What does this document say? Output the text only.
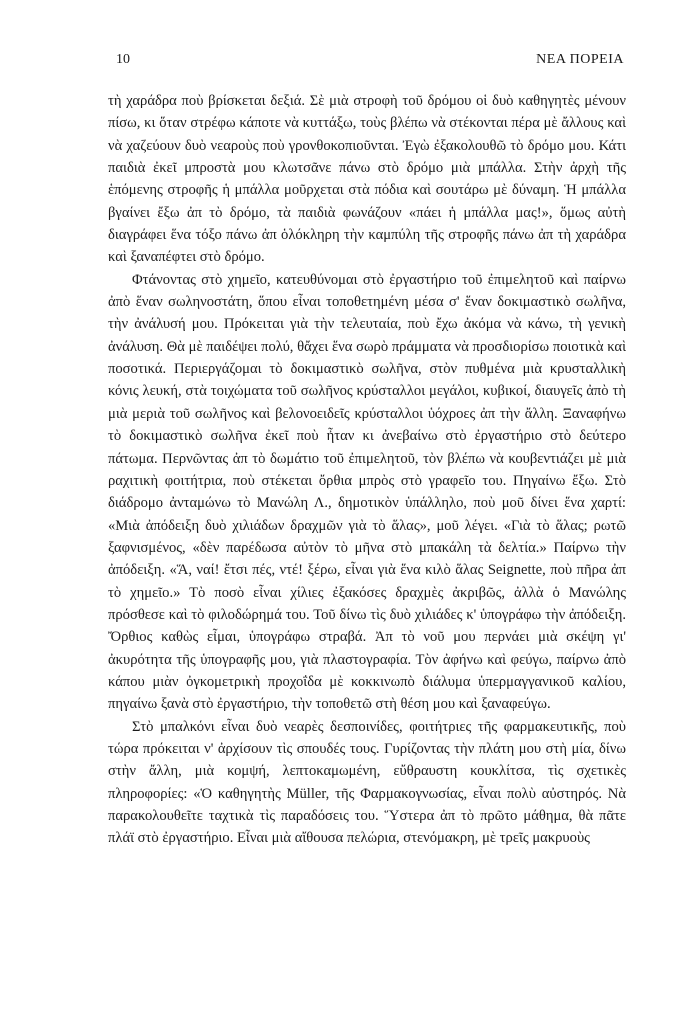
10	ΝΕΑ ΠΟΡΕΙΑ

τὴ χαράδρα ποὺ βρίσκεται δεξιά. Σὲ μιὰ στροφὴ τοῦ δρόμου οἱ δυὸ καθηγητὲς μένουν πίσω, κι ὅταν στρέφω κάποτε νὰ κυττάξω, τοὺς βλέπω νὰ στέκονται πέρα μὲ ἄλλους καὶ νὰ χαζεύουν δυὸ νεαροὺς ποὺ γρονθοκοπιοῦνται. Ἐγὼ ἐξακολουθῶ τὸ δρόμο μου. Κάτι παιδιὰ ἐκεῖ μπροστὰ μου κλωτσᾶνε πάνω στὸ δρόμο μιὰ μπάλλα. Στὴν ἀρχὴ τῆς ἑπόμενης στροφῆς ἡ μπάλλα μοῦρχεται στὰ πόδια καὶ σουτάρω μὲ δύναμη. Ἡ μπάλλα βγαίνει ἔξω ἀπ τὸ δρόμο, τὰ παιδιὰ φωνάζουν «πάει ἡ μπάλλα μας!», ὅμως αὐτὴ διαγράφει ἕνα τόξο πάνω ἀπ ὁλόκληρη τὴν καμπύλη τῆς στροφῆς πάνω ἀπ τὴ χαράδρα καὶ ξαναπέφτει στὸ δρόμο.

Φτάνοντας στὸ χημεῖο, κατευθύνομαι στὸ ἐργαστήριο τοῦ ἐπιμελητοῦ καὶ παίρνω ἀπὸ ἕναν σωληνοστάτη, ὅπου εἶναι τοποθετημένη μέσα σ' ἕναν δοκιμαστικὸ σωλῆνα, τὴν ἀνάλυσή μου. Πρόκειται γιὰ τὴν τελευταία, ποὺ ἔχω ἀκόμα νὰ κάνω, τὴ γενικὴ ἀνάλυση. Θὰ μὲ παιδέψει πολύ, θἄχει ἕνα σωρὸ πράμματα νὰ προσδιορίσω ποιοτικὰ καὶ ποσοτικά. Περιεργάζομαι τὸ δοκιμαστικὸ σωλῆνα, στὸν πυθμένα μιὰ κρυσταλλικὴ κόνις λευκή, στὰ τοιχώματα τοῦ σωλῆνος κρύσταλλοι μεγάλοι, κυβικοί, διαυγεῖς ἀπὸ τὴ μιὰ μεριὰ τοῦ σωλῆνος καὶ βελονοειδεῖς κρύσταλλοι ὑόχροες ἀπ τὴν ἄλλη. Ξαναφήνω τὸ δοκιμαστικὸ σωλῆνα ἐκεῖ ποὺ ἦταν κι ἀνεβαίνω στὸ ἐργαστήριο στὸ δεύτερο πάτωμα. Περνῶντας ἀπ τὸ δωμάτιο τοῦ ἐπιμελητοῦ, τὸν βλέπω νὰ κουβεντιάζει μὲ μιὰ ραχιτικὴ φοιτήτρια, ποὺ στέκεται ὄρθια μπρὸς στὸ γραφεῖο του. Πηγαίνω ἔξω. Στὸ διάδρομο ἀνταμώνω τὸ Μανώλη Λ., δημοτικὸν ὑπάλληλο, ποὺ μοῦ δίνει ἕνα χαρτί: «Μιὰ ἀπόδειξη δυὸ χιλιάδων δραχμῶν γιὰ τὸ ἅλας», μοῦ λέγει. «Γιὰ τὸ ἅλας; ρωτῶ ξαφνισμένος, «δὲν παρέδωσα αὐτὸν τὸ μῆνα στὸ μπακάλη τὰ δελτία.» Παίρνω τὴν ἀπόδειξη. «Ἅ, ναί! ἔτσι πές, ντέ! ξέρω, εἶναι γιὰ ἕνα κιλὸ ἅλας Seignette, ποὺ πῆρα ἀπ τὸ χημεῖο.» Τὸ ποσὸ εἶναι χίλιες ἐξακόσες δραχμὲς ἀκριβῶς, ἀλλὰ ὁ Μανώλης πρόσθεσε καὶ τὸ φιλοδώρημά του. Τοῦ δίνω τὶς δυὸ χιλιάδες κ' ὑπογράφω τὴν ἀπόδειξη. Ὄρθιος καθὼς εἶμαι, ὑπογράφω στραβά. Ἀπ τὸ νοῦ μου περνάει μιὰ σκέψη γι' ἀκυρότητα τῆς ὑπογραφῆς μου, γιὰ πλαστογραφία. Τὸν ἀφήνω καὶ φεύγω, παίρνω ἀπὸ κάπου μιὰν ὀγκομετρικὴ προχοΐδα μὲ κοκκινωπὸ διάλυμα ὑπερμαγγανικοῦ καλίου, πηγαίνω ξανὰ στὸ ἐργαστήριο, τὴν τοποθετῶ στὴ θέση μου καὶ ξαναφεύγω.

Στὸ μπαλκόνι εἶναι δυὸ νεαρὲς δεσποινίδες, φοιτήτριες τῆς φαρμακευτικῆς, ποὺ τώρα πρόκειται ν' ἀρχίσουν τὶς σπουδές τους. Γυρίζοντας τὴν πλάτη μου στὴ μία, δίνω στὴν ἄλλη, μιὰ κομψή, λεπτοκαμωμένη, εὔθραυστη κουκλίτσα, τὶς σχετικὲς πληροφορίες: «Ὁ καθηγητὴς Müller, τῆς Φαρμακογνωσίας, εἶναι πολὺ αὐστηρός. Νὰ παρακολουθεῖτε ταχτικὰ τὶς παραδόσεις του. Ὕστερα ἀπ τὸ πρῶτο μάθημα, θὰ πᾶτε πλάϊ στὸ ἐργαστήριο. Εἶναι μιὰ αἴθουσα πελώρια, στενόμακρη, μὲ τρεῖς μακρυοὺς
